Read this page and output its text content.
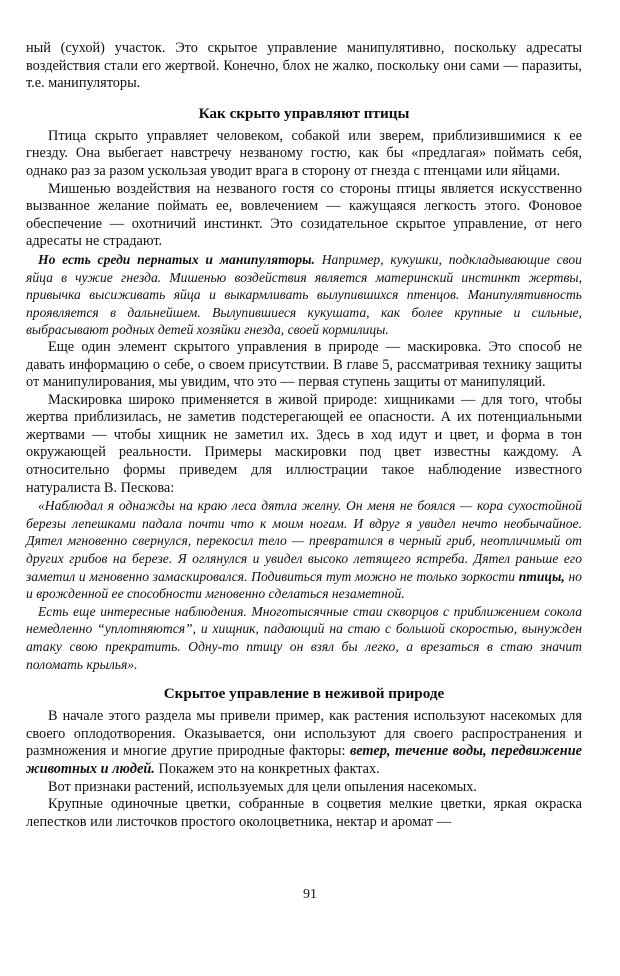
ный (сухой) участок. Это скрытое управление манипулятивно, поскольку адресаты воздействия стали его жертвой. Конечно, блох не жалко, поскольку они сами — паразиты, т.е. манипуляторы.

Как скрыто управляют птицы

Птица скрыто управляет человеком, собакой или зверем, приблизившимися к ее гнезду. Она выбегает навстречу незваному гостю, как бы «предлагая» поймать себя, однако раз за разом ускользая уводит врага в сторону от гнезда с птенцами или яйцами.

Мишенью воздействия на незваного гостя со стороны птицы является искусственно вызванное желание поймать ее, вовлечением — кажущаяся легкость этого. Фоновое обеспечение — охотничий инстинкт. Это созидательное скрытое управление, от него адресаты не страдают.

Но есть среди пернатых и манипуляторы. Например, кукушки, подкладывающие свои яйца в чужие гнезда. Мишенью воздействия является материнский инстинкт жертвы, привычка высиживать яйца и выкармливать вылупившихся птенцов. Манипулятивность проявляется в дальнейшем. Вылупившиеся кукушата, как более крупные и сильные, выбрасывают родных детей хозяйки гнезда, своей кормилицы.

Еще один элемент скрытого управления в природе — маскировка. Это способ не давать информацию о себе, о своем присутствии. В главе 5, рассматривая технику защиты от манипулирования, мы увидим, что это — первая ступень защиты от манипуляций.

Маскировка широко применяется в живой природе: хищниками — для того, чтобы жертва приблизилась, не заметив подстерегающей ее опасности. А их потенциальными жертвами — чтобы хищник не заметил их. Здесь в ход идут и цвет, и форма в тон окружающей реальности. Примеры маскировки под цвет известны каждому. А относительно формы приведем для иллюстрации такое наблюдение известного натуралиста В. Пескова:

«Наблюдал я однажды на краю леса дятла желну. Он меня не боялся — кора сухостойной березы лепешками падала почти что к моим ногам. И вдруг я увидел нечто необычайное. Дятел мгновенно свернулся, перекосил тело — превратился в черный гриб, неотличимый от других грибов на березе. Я оглянулся и увидел высоко летящего ястреба. Дятел раньше его заметил и мгновенно замаскировался. Подивиться тут можно не только зоркости птицы, но и врожденной ее способности мгновенно сделаться незаметной.

Есть еще интересные наблюдения. Многотысячные стаи скворцов с приближением сокола немедленно “уплотняются”, и хищник, падающий на стаю с большой скоростью, вынужден атаку свою прекратить. Одну-то птицу он взял бы легко, а врезаться в стаю значит поломать крылья».

Скрытое управление в неживой природе

В начале этого раздела мы привели пример, как растения используют насекомых для своего оплодотворения. Оказывается, они используют для своего распространения и размножения и многие другие природные факторы: ветер, течение воды, передвижение животных и людей. Покажем это на конкретных фактах.

Вот признаки растений, используемых для цели опыления насекомых.

Крупные одиночные цветки, собранные в соцветия мелкие цветки, яркая окраска лепестков или листочков простого околоцветника, нектар и аромат —

91
